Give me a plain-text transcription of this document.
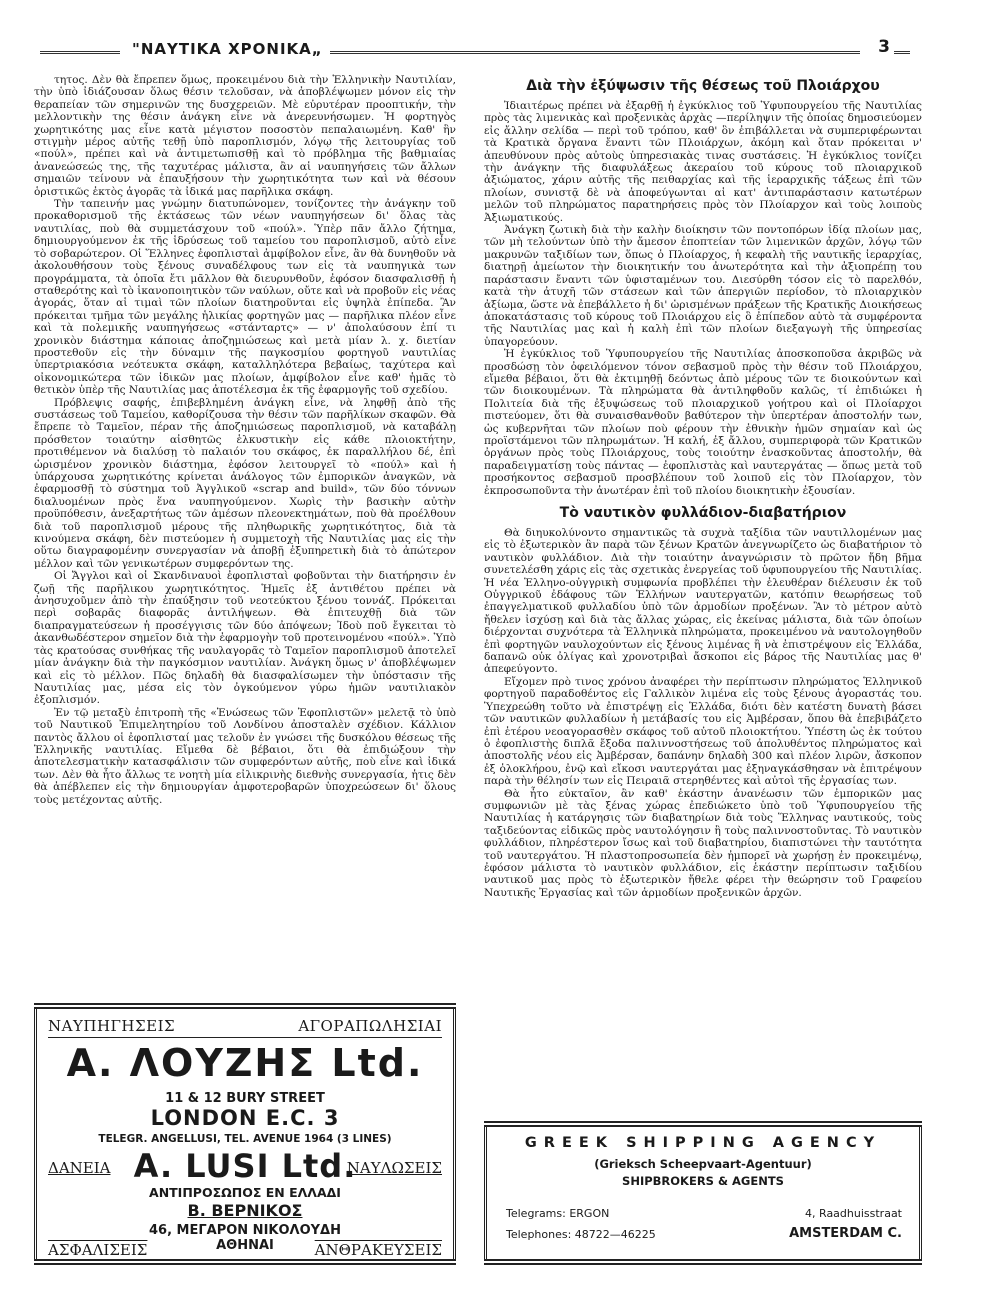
"ΝΑΥΤΙΚΑ ΧΡΟΝΙΚΑ„	3

τητος. Δὲν θὰ ἔπρεπεν ὅμως, προκειμένου διὰ τὴν Ἑλληνικὴν Ναυτιλίαν, τὴν ὑπὸ ἰδιάζουσαν ὅλως θέσιν τελοῦσαν, νὰ ἀποβλέψωμεν μόνον εἰς τὴν θεραπείαν τῶν σημερινῶν της δυσχερειῶν. Μὲ εὐρυτέραν προοπτικήν, τὴν μελλοντικὴν της θέσιν ἀνάγκη εἶνε νὰ ἀνερευνήσωμεν. Ἡ φορτηγὸς χωρητικότης μας εἶνε κατὰ μέγιστον ποσοστὸν πεπαλαιωμένη. Καθ' ἣν στιγμὴν μέρος αὐτῆς τεθῇ ὑπὸ παροπλισμόν, λόγῳ τῆς λειτουργίας τοῦ «πούλ», πρέπει καὶ νὰ ἀντιμετωπισθῇ καὶ τὸ πρόβλημα τῆς βαθμιαίας ἀνανεώσεώς της, τῆς ταχυτέρας μάλιστα, ἂν αἱ ναυπηγήσεις τῶν ἄλλων σημαιῶν τείνουν νὰ ἐπαυξήσουν τὴν χωρητικότητα των καὶ νὰ θέσουν ὁριστικῶς ἐκτὸς ἀγορᾶς τὰ ἰδικά μας παρῆλικα σκάφη.

Τὴν ταπεινήν μας γνώμην διατυπώνομεν, τονίζοντες τὴν ἀνάγκην τοῦ προκαθορισμοῦ τῆς ἐκτάσεως τῶν νέων ναυπηγήσεων δι' ὅλας τὰς ναυτιλίας, ποὺ θὰ συμμετάσχουν τοῦ «πούλ». Ὑπὲρ πᾶν ἄλλο ζήτημα, δημιουργούμενον ἐκ τῆς ἱδρύσεως τοῦ ταμείου του παροπλισμοῦ, αὐτὸ εἶνε τὸ σοβαρώτερον. Οἱ Ἕλληνες ἐφοπλισταὶ ἀμφίβολον εἶνε, ἂν θὰ δυνηθοῦν νὰ ἀκολουθήσουν τοὺς ξένους συναδέλφους των εἰς τὰ ναυπηγικὰ των προγράμματα, τὰ ὁποῖα ἔτι μᾶλλον θὰ διευρυνθοῦν, ἐφόσον διασφαλισθῇ ἡ σταθερότης καὶ τὸ ἱκανοποιητικὸν τῶν ναύλων, οὔτε καὶ νὰ προβοῦν εἰς νέας ἀγοράς, ὅταν αἱ τιμαὶ τῶν πλοίων διατηροῦνται εἰς ὑψηλὰ ἐπίπεδα. Ἂν πρόκειται τμῆμα τῶν μεγάλης ἡλικίας φορτηγῶν μας — παρῆλικα πλέον εἶνε καὶ τὰ πολεμικῆς ναυπηγήσεως «στάνταρτς» — ν' ἀπολαύσουν ἐπί τι χρονικὸν διάστημα κάποιας ἀποζημιώσεως καὶ μετὰ μίαν λ. χ. διετίαν προστεθοῦν εἰς τὴν δύναμιν τῆς παγκοσμίου φορτηγοῦ ναυτιλίας ὑπερτριακόσια νεότευκτα σκάφη, καταλληλότερα βεβαίως, ταχύτερα καὶ οἰκονομικώτερα τῶν ἰδικῶν μας πλοίων, ἀμφίβολον εἶνε καθ' ἡμᾶς τὸ θετικὸν ὑπὲρ τῆς Ναυτιλίας μας ἀποτέλεσμα ἐκ τῆς ἐφαρμογῆς τοῦ σχεδίου.

Πρόβλεψις σαφής, ἐπιβεβλημένη ἀνάγκη εἶνε, νὰ ληφθῇ ἀπὸ τῆς συστάσεως τοῦ Ταμείου, καθορίζουσα τὴν θέσιν τῶν παρῆλίκων σκαφῶν. Θὰ ἔπρεπε τὸ Ταμεῖον, πέραν τῆς ἀποζημιώσεως παροπλισμοῦ, νὰ καταβάλῃ πρόσθετον τοιαύτην αἰσθητῶς ἑλκυστικὴν εἰς κάθε πλοιοκτήτην, προτιθέμενον νὰ διαλύσῃ τὸ παλαιόν του σκάφος, ἐκ παραλλήλου δέ, ἐπὶ ὡρισμένον χρονικὸν διάστημα, ἐφόσον λειτουργεῖ τὸ «πούλ» καὶ ἡ ὑπάρχουσα χωρητικότης κρίνεται ἀνάλογος τῶν ἐμπορικῶν ἀναγκῶν, νὰ ἐφαρμοσθῇ τὸ σύστημα τοῦ Ἀγγλικοῦ «scrap and build», τῶν δύο τόννων διαλυομένων πρὸς ἕνα ναυπηγούμενον. Χωρὶς τὴν βασικὴν αὐτὴν προϋπόθεσιν, ἀνεξαρτήτως τῶν ἀμέσων πλεονεκτημάτων, ποὺ θὰ προέλθουν διὰ τοῦ παροπλισμοῦ μέρους τῆς πληθωρικῆς χωρητικότητος, διὰ τὰ κινούμενα σκάφη, δὲν πιστεύομεν ἡ συμμετοχὴ τῆς Ναυτιλίας μας εἰς τὴν οὕτω διαγραφομένην συνεργασίαν νὰ ἀποβῇ ἐξυπηρετικὴ διὰ τὸ ἀπώτερον μέλλον καὶ τῶν γενικωτέρων συμφερόντων της.

Οἱ Ἄγγλοι καὶ οἱ Σκανδιναυοὶ ἐφοπλισταὶ φοβοῦνται τὴν διατήρησιν ἐν ζωῇ τῆς παρῆλικου χωρητικότητος. Ἡμεῖς ἐξ ἀντιθέτου πρέπει νὰ ἀνησυχοῦμεν ἀπὸ τὴν ἐπαύξησιν τοῦ νεοτεύκτου ξένου τοννάζ. Πρόκειται περὶ σοβαρᾶς διαφορᾶς ἀντιλήψεων. Θὰ ἐπιτευχθῇ διὰ τῶν διαπραγματεύσεων ἡ προσέγγισις τῶν δύο ἀπόψεων; Ἰδοὺ ποῦ ἔγκειται τὸ ἀκανθωδέστερον σημεῖον διὰ τὴν ἐφαρμογὴν τοῦ προτεινομένου «πούλ». Ὑπὸ τὰς κρατούσας συνθήκας τῆς ναυλαγορᾶς τὸ Ταμεῖον παροπλισμοῦ ἀποτελεῖ μίαν ἀνάγκην διὰ τὴν παγκόσμιον ναυτιλίαν. Ἀνάγκη ὅμως ν' ἀποβλέψωμεν καὶ εἰς τὸ μέλλον. Πῶς δηλαδὴ θὰ διασφαλίσωμεν τὴν ὑπόστασιν τῆς Ναυτιλίας μας, μέσα εἰς τὸν ὀγκούμενον γύρω ἡμῶν ναυτιλιακὸν ἐξοπλισμόν.

Ἐν τῷ μεταξὺ ἐπιτροπὴ τῆς «Ἑνώσεως τῶν Ἐφοπλιστῶν» μελετᾷ τὸ ὑπὸ τοῦ Ναυτικοῦ Ἐπιμελητηρίου τοῦ Λονδίνου ἀποσταλὲν σχέδιον. Κάλλιον παντὸς ἄλλου οἱ ἐφοπλισταί μας τελοῦν ἐν γνώσει τῆς δυσκόλου θέσεως τῆς Ἑλληνικῆς ναυτιλίας. Εἴμεθα δὲ βέβαιοι, ὅτι θὰ ἐπιδιώξουν τὴν ἀποτελεσματικὴν κατασφάλισιν τῶν συμφερόντων αὐτῆς, ποὺ εἶνε καὶ ἰδικά των. Δὲν θὰ ἦτο ἄλλως τε νοητὴ μία εἰλικρινὴς διεθνὴς συνεργασία, ἡτις δὲν θὰ ἀπέβλεπεν εἰς τὴν δημιουργίαν ἀμφοτεροβαρῶν ὑποχρεώσεων δι' ὅλους τοὺς μετέχοντας αὐτῆς.

Διὰ τὴν ἐξύψωσιν τῆς θέσεως τοῦ Πλοιάρχου

Ἰδιαιτέρως πρέπει νὰ ἐξαρθῇ ἡ ἐγκύκλιος τοῦ Ὑφυπουργείου τῆς Ναυτιλίας πρὸς τὰς λιμενικὰς καὶ προξενικὰς ἀρχὰς —περίληψιν τῆς ὁποίας δημοσιεύομεν εἰς ἄλλην σελίδα — περὶ τοῦ τρόπου, καθ' ὃν ἐπιβάλλεται νὰ συμπεριφέρωνται τὰ Κρατικὰ ὄργανα ἔναντι τῶν Πλοιάρχων, ἀκόμη καὶ ὅταν πρόκειται ν' ἀπευθύνουν πρὸς αὐτοὺς ὑπηρεσιακὰς τινας συστάσεις. Ἡ ἐγκύκλιος τονίζει τὴν ἀνάγκην τῆς διαφυλάξεως ἀκεραίου τοῦ κύρους τοῦ πλοιαρχικοῦ ἀξιώματος, χάριν αὐτῆς τῆς πειθαρχίας καὶ τῆς ἱεραρχικῆς τάξεως ἐπὶ τῶν πλοίων, συνιστᾷ δὲ νὰ ἀποφεύγωνται αἱ κατ' ἀντιπαράστασιν κατωτέρων μελῶν τοῦ πληρώματος παρατηρήσεις πρὸς τὸν Πλοίαρχον καὶ τοὺς λοιποὺς Ἀξιωματικούς.

Ἀνάγκη ζωτικὴ διὰ τὴν καλὴν διοίκησιν τῶν ποντοπόρων ἰδίᾳ πλοίων μας, τῶν μὴ τελούντων ὑπὸ τὴν ἄμεσον ἐποπτείαν τῶν λιμενικῶν ἀρχῶν, λόγῳ τῶν μακρυνῶν ταξιδίων των, ὅπως ὁ Πλοίαρχος, ἡ κεφαλὴ τῆς ναυτικῆς ἱεραρχίας, διατηρῇ ἀμείωτον τὴν διοικητικήν του ἀνωτερότητα καὶ τὴν ἀξιοπρέπῃ του παράστασιν ἔναντι τῶν ὑφισταμένων του. Διεσύρθη τόσον εἰς τὸ παρελθόν, κατὰ τὴν ἀτυχῆ τῶν στάσεων καὶ τῶν ἀπεργιῶν περίοδον, τὸ πλοιαρχικὸν ἀξίωμα, ὥστε νὰ ἐπεβάλλετο ἡ δι' ὡρισμένων πράξεων τῆς Κρατικῆς Διοικήσεως ἀποκατάστασις τοῦ κύρους τοῦ Πλοιάρχου εἰς ὃ ἐπίπεδον αὐτὸ τὰ συμφέροντα τῆς Ναυτιλίας μας καὶ ἡ καλὴ ἐπὶ τῶν πλοίων διεξαγωγὴ τῆς ὑπηρεσίας ὑπαγορεύουν.

Ἡ ἐγκύκλιος τοῦ Ὑφυπουργείου τῆς Ναυτιλίας ἀποσκοποῦσα ἀκριβῶς νὰ προσδώσῃ τὸν ὀφειλόμενον τόνον σεβασμοῦ πρὸς τὴν θέσιν τοῦ Πλοιάρχου, εἴμεθα βέβαιοι, ὅτι θὰ ἐκτιμηθῇ δεόντως ἀπὸ μέρους τῶν τε διοικούντων καὶ τῶν διοικουμένων. Τὰ πληρώματα θὰ ἀντιληφθοῦν καλῶς, τί ἐπιδιώκει ἡ Πολιτεία διὰ τῆς ἐξυψώσεως τοῦ πλοιαρχικοῦ γοήτρου καὶ οἱ Πλοίαρχοι πιστεύομεν, ὅτι θὰ συναισθανθοῦν βαθύτερον τὴν ὑπερτέραν ἀποστολήν των, ὡς κυβερνῆται τῶν πλοίων ποὺ φέρουν τὴν ἐθνικὴν ἡμῶν σημαίαν καὶ ὡς προϊστάμενοι τῶν πληρωμάτων. Ἡ καλή, ἐξ ἄλλου, συμπεριφορὰ τῶν Κρατικῶν ὀργάνων πρὸς τοὺς Πλοιάρχους, τοὺς τοιούτην ἐνασκοῦντας ἀποστολήν, θὰ παραδειγματίσῃ τοὺς πάντας — ἐφοπλιστὰς καὶ ναυτεργάτας — ὅπως μετὰ τοῦ προσήκοντος σεβασμοῦ προσβλέπουν τοῦ λοιποῦ εἰς τὸν Πλοίαρχον, τὸν ἐκπροσωποῦντα τὴν ἀνωτέραν ἐπὶ τοῦ πλοίου διοικητικὴν ἐξουσίαν.

Τὸ ναυτικὸν φυλλάδιον-διαβατήριον

Θὰ διηυκολύνοντο σημαντικῶς τὰ συχνὰ ταξίδια τῶν ναυτιλλομένων μας εἰς τὸ ἐξωτερικὸν ἂν παρὰ τῶν ξένων Κρατῶν ἀνεγνωρίζετο ὡς διαβατήριον τὸ ναυτικὸν φυλλάδιον. Διὰ τὴν τοιαύτην ἀναγνώρισιν τὸ πρῶτον ἤδη βῆμα συνετελέσθη χάρις εἰς τὰς σχετικὰς ἐνεργείας τοῦ ὑφυπουργείου τῆς Ναυτιλίας. Ἡ νέα Ἑλληνο-οὐγγρικὴ συμφωνία προβλέπει τὴν ἐλευθέραν διέλευσιν ἐκ τοῦ Οὐγγρικοῦ ἐδάφους τῶν Ἑλλήνων ναυτεργατῶν, κατόπιν θεωρήσεως τοῦ ἐπαγγελματικοῦ φυλλαδίου ὑπὸ τῶν ἁρμοδίων προξένων. Ἂν τὸ μέτρον αὐτὸ ἤθελεν ἰσχύσῃ καὶ διὰ τὰς ἄλλας χώρας, εἰς ἐκείνας μάλιστα, διὰ τῶν ὁποίων διέρχονται συχνότερα τὰ Ἑλληνικὰ πληρώματα, προκειμένου νὰ ναυτολογηθοῦν ἐπὶ φορτηγῶν ναυλοχούντων εἰς ξένους λιμένας ἢ νὰ ἐπιστρέψουν εἰς Ἑλλάδα, δαπανῶ οὐκ ὀλίγας καὶ χρονοτριβαὶ ἄσκοποι εἰς βάρος τῆς Ναυτιλίας μας θ' ἀπεφεύγοντο.

Εἴχομεν πρὸ τινος χρόνου ἀναφέρει τὴν περίπτωσιν πληρώματος Ἑλληνικοῦ φορτηγοῦ παραδοθέντος εἰς Γαλλικὸν λιμένα εἰς τοὺς ξένους ἀγοραστάς του. Ὑπεχρεώθη τοῦτο νὰ ἐπιστρέψῃ εἰς Ἑλλάδα, διότι δὲν κατέστη δυνατὴ βάσει τῶν ναυτικῶν φυλλαδίων ἡ μετάβασίς του εἰς Ἀμβέρσαν, ὅπου θὰ ἐπεβιβάζετο ἐπὶ ἑτέρου νεοαγορασθὲν σκάφος τοῦ αὐτοῦ πλοιοκτήτου. Ὑπέστη ὡς ἐκ τούτου ὁ ἐφοπλιστὴς διπλᾶ ἔξοδα παλιννοστήσεως τοῦ ἀπολυθέντος πληρώματος καὶ ἀποστολῆς νέου εἰς Ἀμβέρσαν, δαπάνην δηλαδὴ 300 καὶ πλέον λιρῶν, ἄσκοπον ἐξ ὁλοκλήρου, ἐνῷ καὶ εἴκοσι ναυτεργάται μας ἐξηναγκάσθησαν νὰ ἐπιτρέψουν παρὰ τὴν θέλησίν των εἰς Πειραιᾶ στερηθέντες καὶ αὐτοὶ τῆς ἐργασίας των.

Θὰ ἦτο εὐκταῖον, ἂν καθ' ἑκάστην ἀνανέωσιν τῶν ἐμπορικῶν μας συμφωνιῶν μὲ τὰς ξένας χώρας ἐπεδιώκετο ὑπὸ τοῦ Ὑφυπουργείου τῆς Ναυτιλίας ἡ κατάργησις τῶν διαβατηρίων διὰ τοὺς Ἕλληνας ναυτικούς, τοὺς ταξιδεύοντας εἰδικῶς πρὸς ναυτολόγησιν ἢ τοὺς παλιννοστοῦντας. Τὸ ναυτικὸν φυλλάδιον, πληρέστερον ἴσως καὶ τοῦ διαβατηρίου, διαπιστώνει τὴν ταυτότητα τοῦ ναυτεργάτου. Ἡ πλαστοπροσωπεία δὲν ἠμπορεῖ νὰ χωρήσῃ ἐν προκειμένῳ, ἐφόσον μάλιστα τὸ ναυτικὸν φυλλάδιον, εἰς ἑκάστην περίπτωσιν ταξιδίου ναυτικοῦ μας πρὸς τὸ ἐξωτερικὸν ἤθελε φέρει τὴν θεώρησιν τοῦ Γραφείου Ναυτικῆς Ἐργασίας καὶ τῶν ἁρμοδίων προξενικῶν ἀρχῶν.

ΝΑΥΠΗΓΗΣΕΙΣ	ΑΓΟΡΑΠΩΛΗΣΙΑΙ
Α. ΛΟΥΖΗΣ Ltd.
11 & 12 BURY STREET
LONDON E.C. 3
TELEGR. ANGELLUSI, TEL. AVENUE 1964 (3 LINES)
ΔΑΝΕΙΑ A. LUSI Ltd.
ΝΑΥΛΩΣΕΙΣ
ΑΝΤΙΠΡΟΣΩΠΟΣ ΕΝ ΕΛΛΑΔΙ
Β. ΒΕΡΝΙΚΟΣ
46, ΜΕΓΑΡΟΝ ΝΙΚΟΛΟΥΔΗ
ΑΘΗΝΑΙ
ΑΣΦΑΛΙΣΕΙΣ	ΑΝΘΡΑΚΕΥΣΕΙΣ
GREEK SHIPPING AGENCY
(Grieksch Scheepvaart-Agentuur)
SHIPBROKERS & AGENTS
Telegrams: ERGON
Telephones: 48722—46225
4, Raadhuisstraat
AMSTERDAM C.
